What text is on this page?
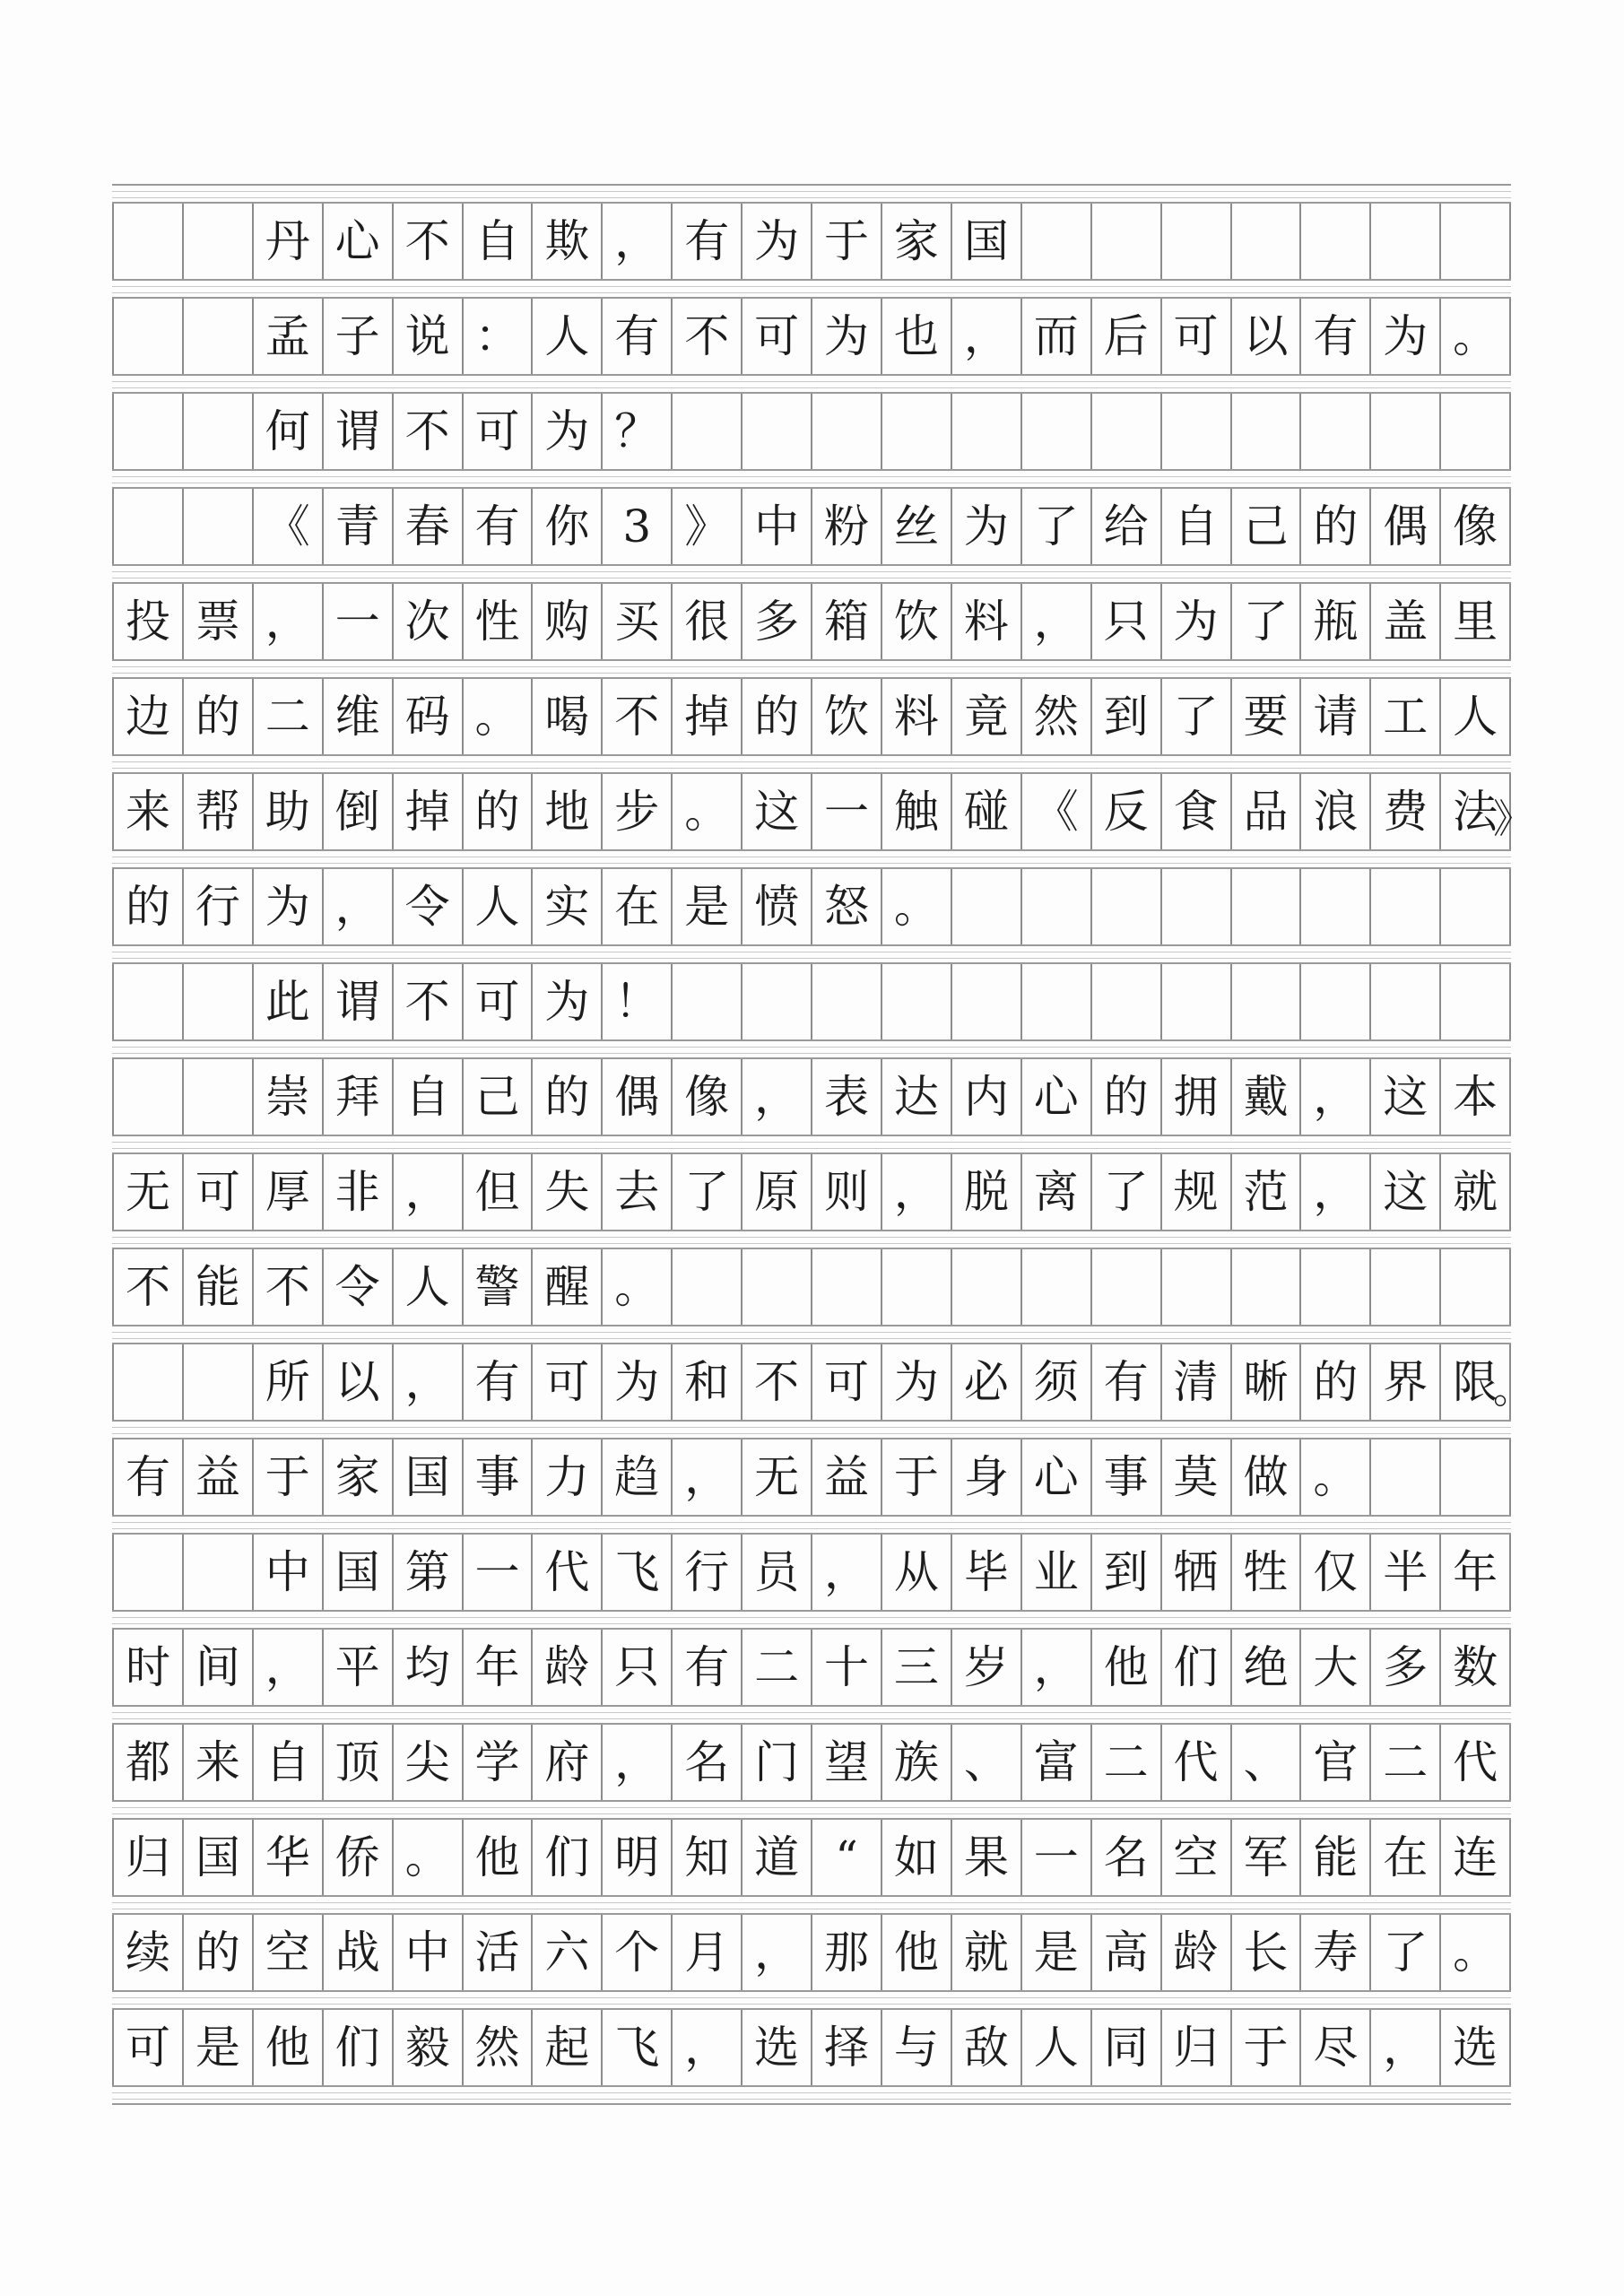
丹 心 不 自 欺 ， 有 为 于 家 国
孟 子 说 ： 人 有 不 可 为 也 ， 而 后 可 以 有 为 。
何 谓 不 可 为 ？
《 青 春 有 你 3 》 中 粉 丝 为 了 给 自 己 的 偶 像
投 票 ， 一 次 性 购 买 很 多 箱 饮 料 ， 只 为 了 瓶 盖 里
边 的 二 维 码 。 喝 不 掉 的 饮 料 竟 然 到 了 要 请 工 人
来 帮 助 倒 掉 的 地 步 。 这 一 触 碰 《 反 食 品 浪 费 法
》
的 行 为 ， 令 人 实 在 是 愤 怒 。
此 谓 不 可 为 ！
崇 拜 自 己 的 偶 像 ， 表 达 内 心 的 拥 戴 ， 这 本
无 可 厚 非 ， 但 失 去 了 原 则 ， 脱 离 了 规 范 ， 这 就
不 能 不 令 人 警 醒 。
所 以 ， 有 可 为 和 不 可 为 必 须 有 清 晰 的 界 限
。
有 益 于 家 国 事 力 趋 ， 无 益 于 身 心 事 莫 做 。
中 国 第 一 代 飞 行 员 ， 从 毕 业 到 牺 牲 仅 半 年
时 间 ， 平 均 年 龄 只 有 二 十 三 岁 ， 他 们 绝 大 多 数
都 来 自 顶 尖 学 府 ， 名 门 望 族 、 富 二 代 、 官 二 代
归 国 华 侨 。 他 们 明 知 道 “ 如 果 一 名 空 军 能 在 连
续 的 空 战 中 活 六 个 月 ， 那 他 就 是 高 龄 长 寿 了 。
可 是 他 们 毅 然 起 飞 ， 选 择 与 敌 人 同 归 于 尽 ， 选
